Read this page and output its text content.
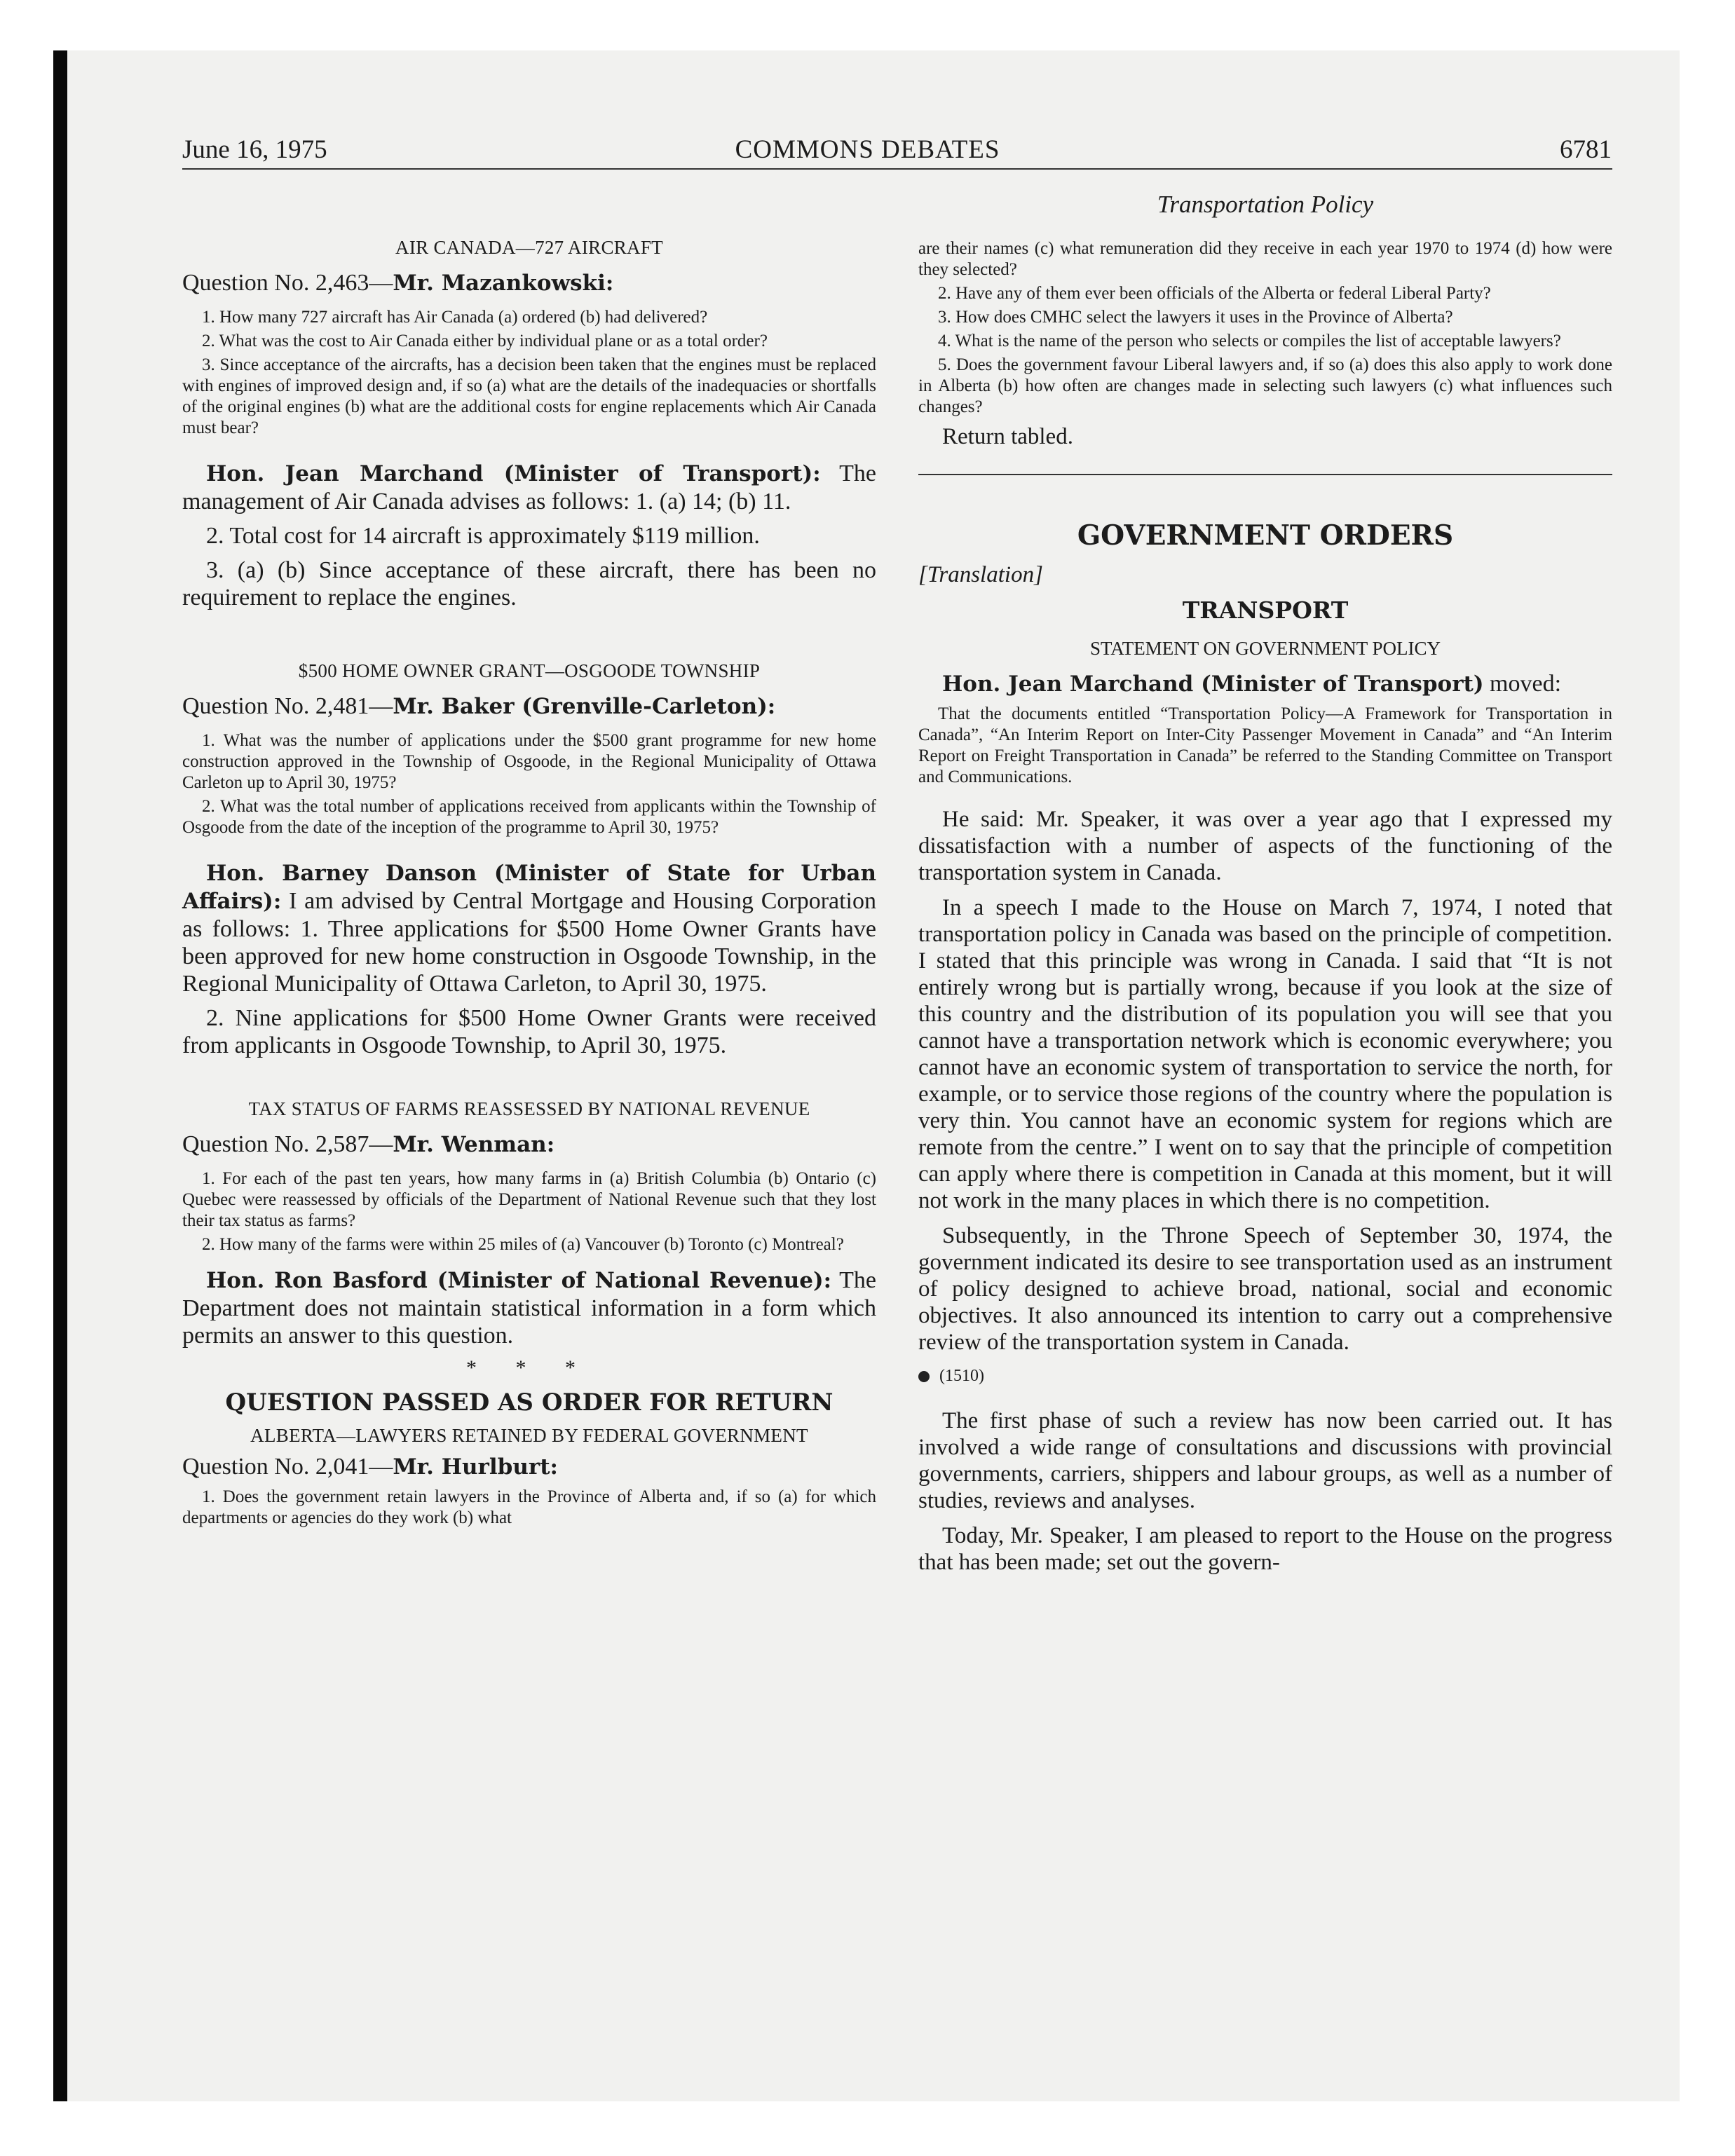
June 16, 1975	COMMONS DEBATES	6781

AIR CANADA—727 AIRCRAFT

Question No. 2,463—Mr. Mazankowski:

1. How many 727 aircraft has Air Canada (a) ordered (b) had delivered?

2. What was the cost to Air Canada either by individual plane or as a total order?

3. Since acceptance of the aircrafts, has a decision been taken that the engines must be replaced with engines of improved design and, if so (a) what are the details of the inadequacies or shortfalls of the original engines (b) what are the additional costs for engine replacements which Air Canada must bear?

Hon. Jean Marchand (Minister of Transport): The management of Air Canada advises as follows: 1. (a) 14; (b) 11.

2. Total cost for 14 aircraft is approximately $119 million.

3. (a) (b) Since acceptance of these aircraft, there has been no requirement to replace the engines.

$500 HOME OWNER GRANT—OSGOODE TOWNSHIP

Question No. 2,481—Mr. Baker (Grenville-Carleton):

1. What was the number of applications under the $500 grant programme for new home construction approved in the Township of Osgoode, in the Regional Municipality of Ottawa Carleton up to April 30, 1975?

2. What was the total number of applications received from applicants within the Township of Osgoode from the date of the inception of the programme to April 30, 1975?

Hon. Barney Danson (Minister of State for Urban Affairs): I am advised by Central Mortgage and Housing Corporation as follows: 1. Three applications for $500 Home Owner Grants have been approved for new home construction in Osgoode Township, in the Regional Municipality of Ottawa Carleton, to April 30, 1975.

2. Nine applications for $500 Home Owner Grants were received from applicants in Osgoode Township, to April 30, 1975.

TAX STATUS OF FARMS REASSESSED BY NATIONAL REVENUE

Question No. 2,587—Mr. Wenman:

1. For each of the past ten years, how many farms in (a) British Columbia (b) Ontario (c) Quebec were reassessed by officials of the Department of National Revenue such that they lost their tax status as farms?

2. How many of the farms were within 25 miles of (a) Vancouver (b) Toronto (c) Montreal?

Hon. Ron Basford (Minister of National Revenue): The Department does not maintain statistical information in a form which permits an answer to this question.

* * *

QUESTION PASSED AS ORDER FOR RETURN

ALBERTA—LAWYERS RETAINED BY FEDERAL GOVERNMENT

Question No. 2,041—Mr. Hurlburt:

1. Does the government retain lawyers in the Province of Alberta and, if so (a) for which departments or agencies do they work (b) what

Transportation Policy

are their names (c) what remuneration did they receive in each year 1970 to 1974 (d) how were they selected?

2. Have any of them ever been officials of the Alberta or federal Liberal Party?

3. How does CMHC select the lawyers it uses in the Province of Alberta?

4. What is the name of the person who selects or compiles the list of acceptable lawyers?

5. Does the government favour Liberal lawyers and, if so (a) does this also apply to work done in Alberta (b) how often are changes made in selecting such lawyers (c) what influences such changes?

Return tabled.

GOVERNMENT ORDERS

[Translation]

TRANSPORT

STATEMENT ON GOVERNMENT POLICY

Hon. Jean Marchand (Minister of Transport) moved:

That the documents entitled “Transportation Policy—A Framework for Transportation in Canada”, “An Interim Report on Inter-City Passenger Movement in Canada” and “An Interim Report on Freight Transportation in Canada” be referred to the Standing Committee on Transport and Communications.

He said: Mr. Speaker, it was over a year ago that I expressed my dissatisfaction with a number of aspects of the functioning of the transportation system in Canada.

In a speech I made to the House on March 7, 1974, I noted that transportation policy in Canada was based on the principle of competition. I stated that this principle was wrong in Canada. I said that “It is not entirely wrong but is partially wrong, because if you look at the size of this country and the distribution of its population you will see that you cannot have a transportation network which is economic everywhere; you cannot have an economic system of transportation to service the north, for example, or to service those regions of the country where the population is very thin. You cannot have an economic system for regions which are remote from the centre.” I went on to say that the principle of competition can apply where there is competition in Canada at this moment, but it will not work in the many places in which there is no competition.

Subsequently, in the Throne Speech of September 30, 1974, the government indicated its desire to see transportation used as an instrument of policy designed to achieve broad, national, social and economic objectives. It also announced its intention to carry out a comprehensive review of the transportation system in Canada.

(1510)

The first phase of such a review has now been carried out. It has involved a wide range of consultations and discussions with provincial governments, carriers, shippers and labour groups, as well as a number of studies, reviews and analyses.

Today, Mr. Speaker, I am pleased to report to the House on the progress that has been made; set out the govern-
